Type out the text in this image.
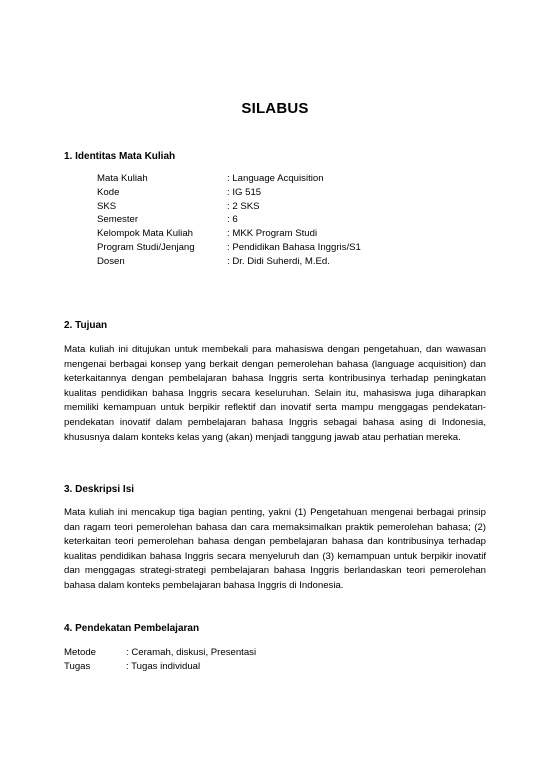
SILABUS
1. Identitas Mata Kuliah
Mata Kuliah	: Language Acquisition
Kode	: IG 515
SKS	: 2 SKS
Semester	: 6
Kelompok Mata Kuliah	: MKK Program Studi
Program Studi/Jenjang	: Pendidikan Bahasa Inggris/S1
Dosen	: Dr. Didi Suherdi, M.Ed.
2. Tujuan
Mata kuliah ini ditujukan untuk membekali para mahasiswa dengan pengetahuan, dan wawasan mengenai berbagai konsep yang berkait dengan pemerolehan bahasa (language acquisition) dan keterkaitannya dengan pembelajaran bahasa Inggris serta kontribusinya terhadap peningkatan kualitas pendidikan bahasa Inggris secara keseluruhan. Selain itu, mahasiswa juga diharapkan memiliki kemampuan untuk berpikir reflektif dan inovatif serta mampu menggagas pendekatan-pendekatan inovatif dalam pembelajaran bahasa Inggris sebagai bahasa asing di Indonesia, khususnya dalam konteks kelas yang (akan) menjadi tanggung jawab atau perhatian mereka.
3. Deskripsi Isi
Mata kuliah ini mencakup tiga bagian penting, yakni (1) Pengetahuan mengenai berbagai prinsip dan ragam teori pemerolehan bahasa dan cara memaksimalkan praktik pemerolehan bahasa; (2) keterkaitan teori pemerolehan bahasa dengan pembelajaran bahasa dan kontribusinya terhadap kualitas pendidikan bahasa Inggris secara menyeluruh dan (3) kemampuan untuk berpikir inovatif dan menggagas strategi-strategi pembelajaran bahasa Inggris berlandaskan teori pemerolehan bahasa dalam konteks pembelajaran bahasa Inggris di Indonesia.
4. Pendekatan Pembelajaran
Metode	: Ceramah, diskusi, Presentasi
Tugas	: Tugas individual
